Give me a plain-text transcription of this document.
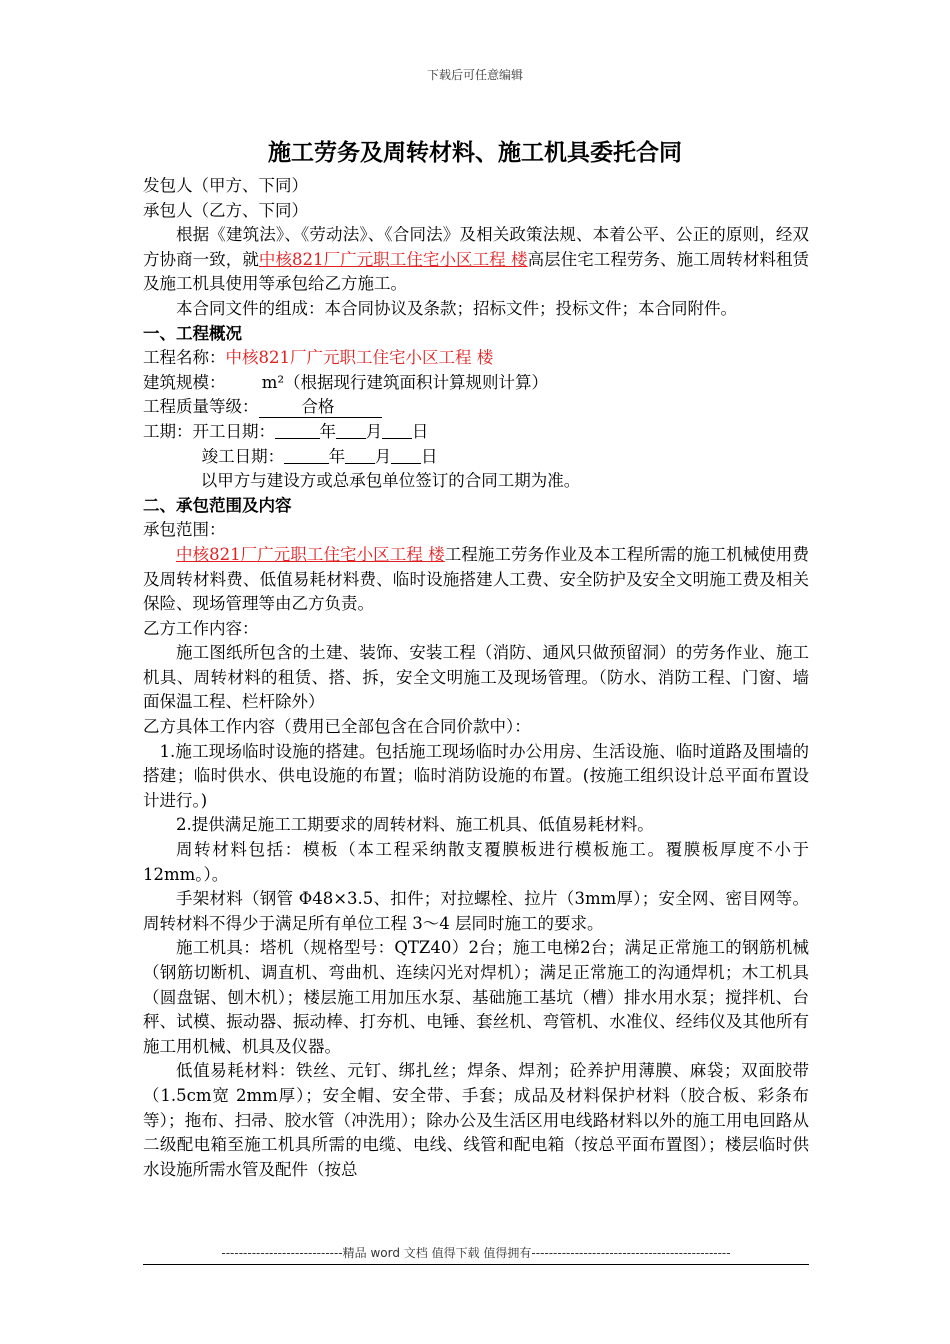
下载后可任意编辑
施工劳务及周转材料、施工机具委托合同

发包人（甲方、下同）

承包人（乙方、下同）

根据《建筑法》、《劳动法》、《合同法》及相关政策法规、本着公平、公正的原则，经双方协商一致，就中核821厂广元职工住宅小区工程 楼高层住宅工程劳务、施工周转材料租赁及施工机具使用等承包给乙方施工。

本合同文件的组成：本合同协议及条款；招标文件；投标文件；本合同附件。

一、工程概况

工程名称：中核821厂广元职工住宅小区工程 楼

建筑规模： m²（根据现行建筑面积计算规则计算）

工程质量等级：	合格

工期：开工日期：	年 月 日

竣工日期：	年 月 日

以甲方与建设方或总承包单位签订的合同工期为准。

二、承包范围及内容

承包范围：

中核821厂广元职工住宅小区工程 楼工程施工劳务作业及本工程所需的施工机械使用费及周转材料费、低值易耗材料费、临时设施搭建人工费、安全防护及安全文明施工费及相关保险、现场管理等由乙方负责。

乙方工作内容：

施工图纸所包含的土建、装饰、安装工程（消防、通风只做预留洞）的劳务作业、施工机具、周转材料的租赁、搭、拆，安全文明施工及现场管理。（防水、消防工程、门窗、墙面保温工程、栏杆除外）

乙方具体工作内容（费用已全部包含在合同价款中）：

1.施工现场临时设施的搭建。包括施工现场临时办公用房、生活设施、临时道路及围墙的搭建；临时供水、供电设施的布置；临时消防设施的布置。(按施工组织设计总平面布置设计进行。)

2.提供满足施工工期要求的周转材料、施工机具、低值易耗材料。

周转材料包括：模板（本工程采纳散支覆膜板进行模板施工。覆膜板厚度不小于12mm。）。

手架材料（钢管 Φ48×3.5、扣件；对拉螺栓、拉片（3mm厚）；安全网、密目网等。周转材料不得少于满足所有单位工程 3～4 层同时施工的要求。

施工机具：塔机（规格型号：QTZ40）2台；施工电梯2台；满足正常施工的钢筋机械（钢筋切断机、调直机、弯曲机、连续闪光对焊机）；满足正常施工的沟通焊机；木工机具（圆盘锯、刨木机）；楼层施工用加压水泵、基础施工基坑（槽）排水用水泵；搅拌机、台秤、试模、振动器、振动棒、打夯机、电锤、套丝机、弯管机、水准仪、经纬仪及其他所有施工用机械、机具及仪器。

低值易耗材料：铁丝、元钉、绑扎丝；焊条、焊剂；砼养护用薄膜、麻袋；双面胶带（1.5cm宽 2mm厚）；安全帽、安全带、手套；成品及材料保护材料（胶合板、彩条布等）；拖布、扫帚、胶水管（冲洗用）；除办公及生活区用电线路材料以外的施工用电回路从二级配电箱至施工机具所需的电缆、电线、线管和配电箱（按总平面布置图）；楼层临时供水设施所需水管及配件（按总

----------------------------精品 word 文档 值得下载 值得拥有----------------------------------------------
